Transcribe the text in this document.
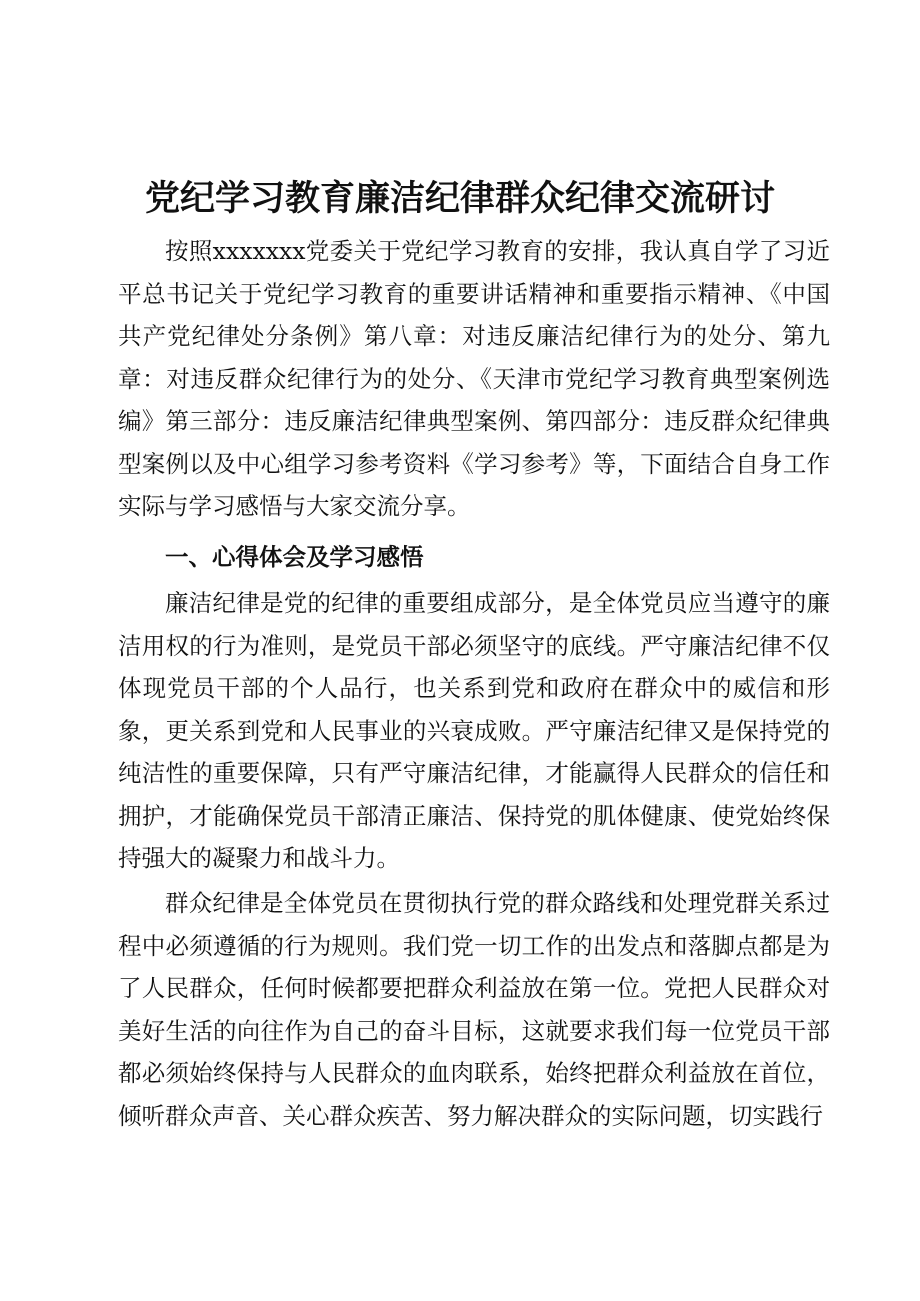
党纪学习教育廉洁纪律群众纪律交流研讨

按照xxxxxxx党委关于党纪学习教育的安排，我认真自学了习近平总书记关于党纪学习教育的重要讲话精神和重要指示精神、《中国共产党纪律处分条例》第八章：对违反廉洁纪律行为的处分、第九章：对违反群众纪律行为的处分、《天津市党纪学习教育典型案例选编》第三部分：违反廉洁纪律典型案例、第四部分：违反群众纪律典型案例以及中心组学习参考资料《学习参考》等，下面结合自身工作实际与学习感悟与大家交流分享。

一、心得体会及学习感悟

廉洁纪律是党的纪律的重要组成部分，是全体党员应当遵守的廉洁用权的行为准则，是党员干部必须坚守的底线。严守廉洁纪律不仅体现党员干部的个人品行，也关系到党和政府在群众中的威信和形象，更关系到党和人民事业的兴衰成败。严守廉洁纪律又是保持党的纯洁性的重要保障，只有严守廉洁纪律，才能赢得人民群众的信任和拥护，才能确保党员干部清正廉洁、保持党的肌体健康、使党始终保持强大的凝聚力和战斗力。

群众纪律是全体党员在贯彻执行党的群众路线和处理党群关系过程中必须遵循的行为规则。我们党一切工作的出发点和落脚点都是为了人民群众，任何时候都要把群众利益放在第一位。党把人民群众对美好生活的向往作为自己的奋斗目标，这就要求我们每一位党员干部都必须始终保持与人民群众的血肉联系，始终把群众利益放在首位，倾听群众声音、关心群众疾苦、努力解决群众的实际问题，切实践行
